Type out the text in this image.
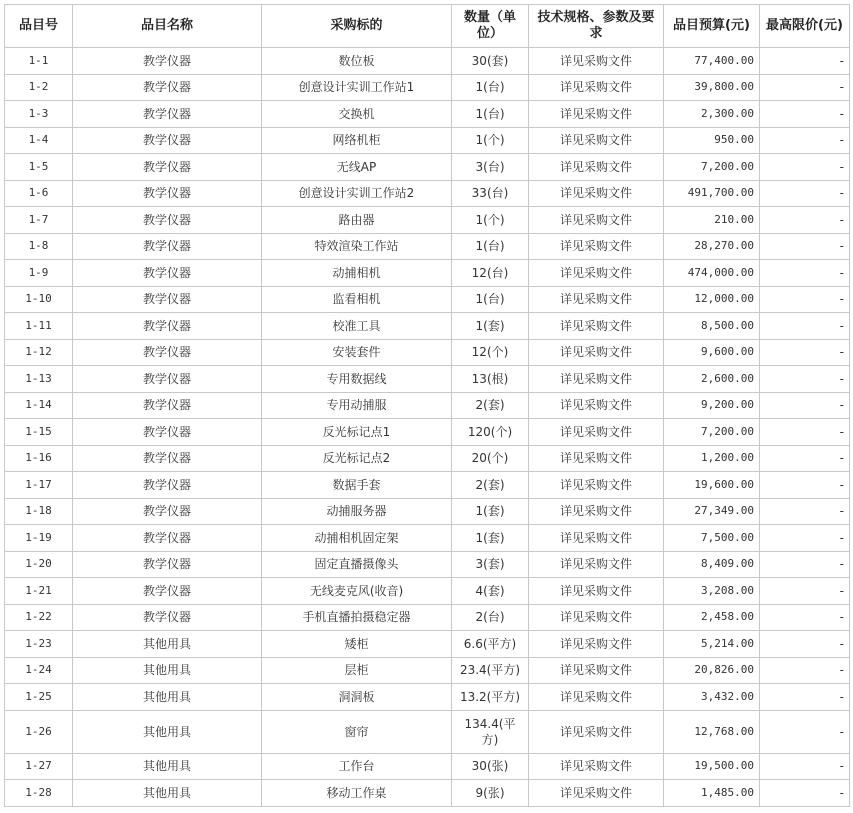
品目号	品目名称	采购标的	数量（单位）	技术规格、参数及要求	品目预算(元)	最高限价(元)
1-1	教学仪器	数位板	30(套)	详见采购文件	77,400.00	-
1-2	教学仪器	创意设计实训工作站1	1(台)	详见采购文件	39,800.00	-
1-3	教学仪器	交换机	1(台)	详见采购文件	2,300.00	-
1-4	教学仪器	网络机柜	1(个)	详见采购文件	950.00	-
1-5	教学仪器	无线AP	3(台)	详见采购文件	7,200.00	-
1-6	教学仪器	创意设计实训工作站2	33(台)	详见采购文件	491,700.00	-
1-7	教学仪器	路由器	1(个)	详见采购文件	210.00	-
1-8	教学仪器	特效渲染工作站	1(台)	详见采购文件	28,270.00	-
1-9	教学仪器	动捕相机	12(台)	详见采购文件	474,000.00	-
1-10	教学仪器	监看相机	1(台)	详见采购文件	12,000.00	-
1-11	教学仪器	校准工具	1(套)	详见采购文件	8,500.00	-
1-12	教学仪器	安装套件	12(个)	详见采购文件	9,600.00	-
1-13	教学仪器	专用数据线	13(根)	详见采购文件	2,600.00	-
1-14	教学仪器	专用动捕服	2(套)	详见采购文件	9,200.00	-
1-15	教学仪器	反光标记点1	120(个)	详见采购文件	7,200.00	-
1-16	教学仪器	反光标记点2	20(个)	详见采购文件	1,200.00	-
1-17	教学仪器	数据手套	2(套)	详见采购文件	19,600.00	-
1-18	教学仪器	动捕服务器	1(套)	详见采购文件	27,349.00	-
1-19	教学仪器	动捕相机固定架	1(套)	详见采购文件	7,500.00	-
1-20	教学仪器	固定直播摄像头	3(套)	详见采购文件	8,409.00	-
1-21	教学仪器	无线麦克风(收音)	4(套)	详见采购文件	3,208.00	-
1-22	教学仪器	手机直播拍摄稳定器	2(台)	详见采购文件	2,458.00	-
1-23	其他用具	矮柜	6.6(平方)	详见采购文件	5,214.00	-
1-24	其他用具	层柜	23.4(平方)	详见采购文件	20,826.00	-
1-25	其他用具	洞洞板	13.2(平方)	详见采购文件	3,432.00	-
1-26	其他用具	窗帘	134.4(平方)	详见采购文件	12,768.00	-
1-27	其他用具	工作台	30(张)	详见采购文件	19,500.00	-
1-28	其他用具	移动工作桌	9(张)	详见采购文件	1,485.00	-
